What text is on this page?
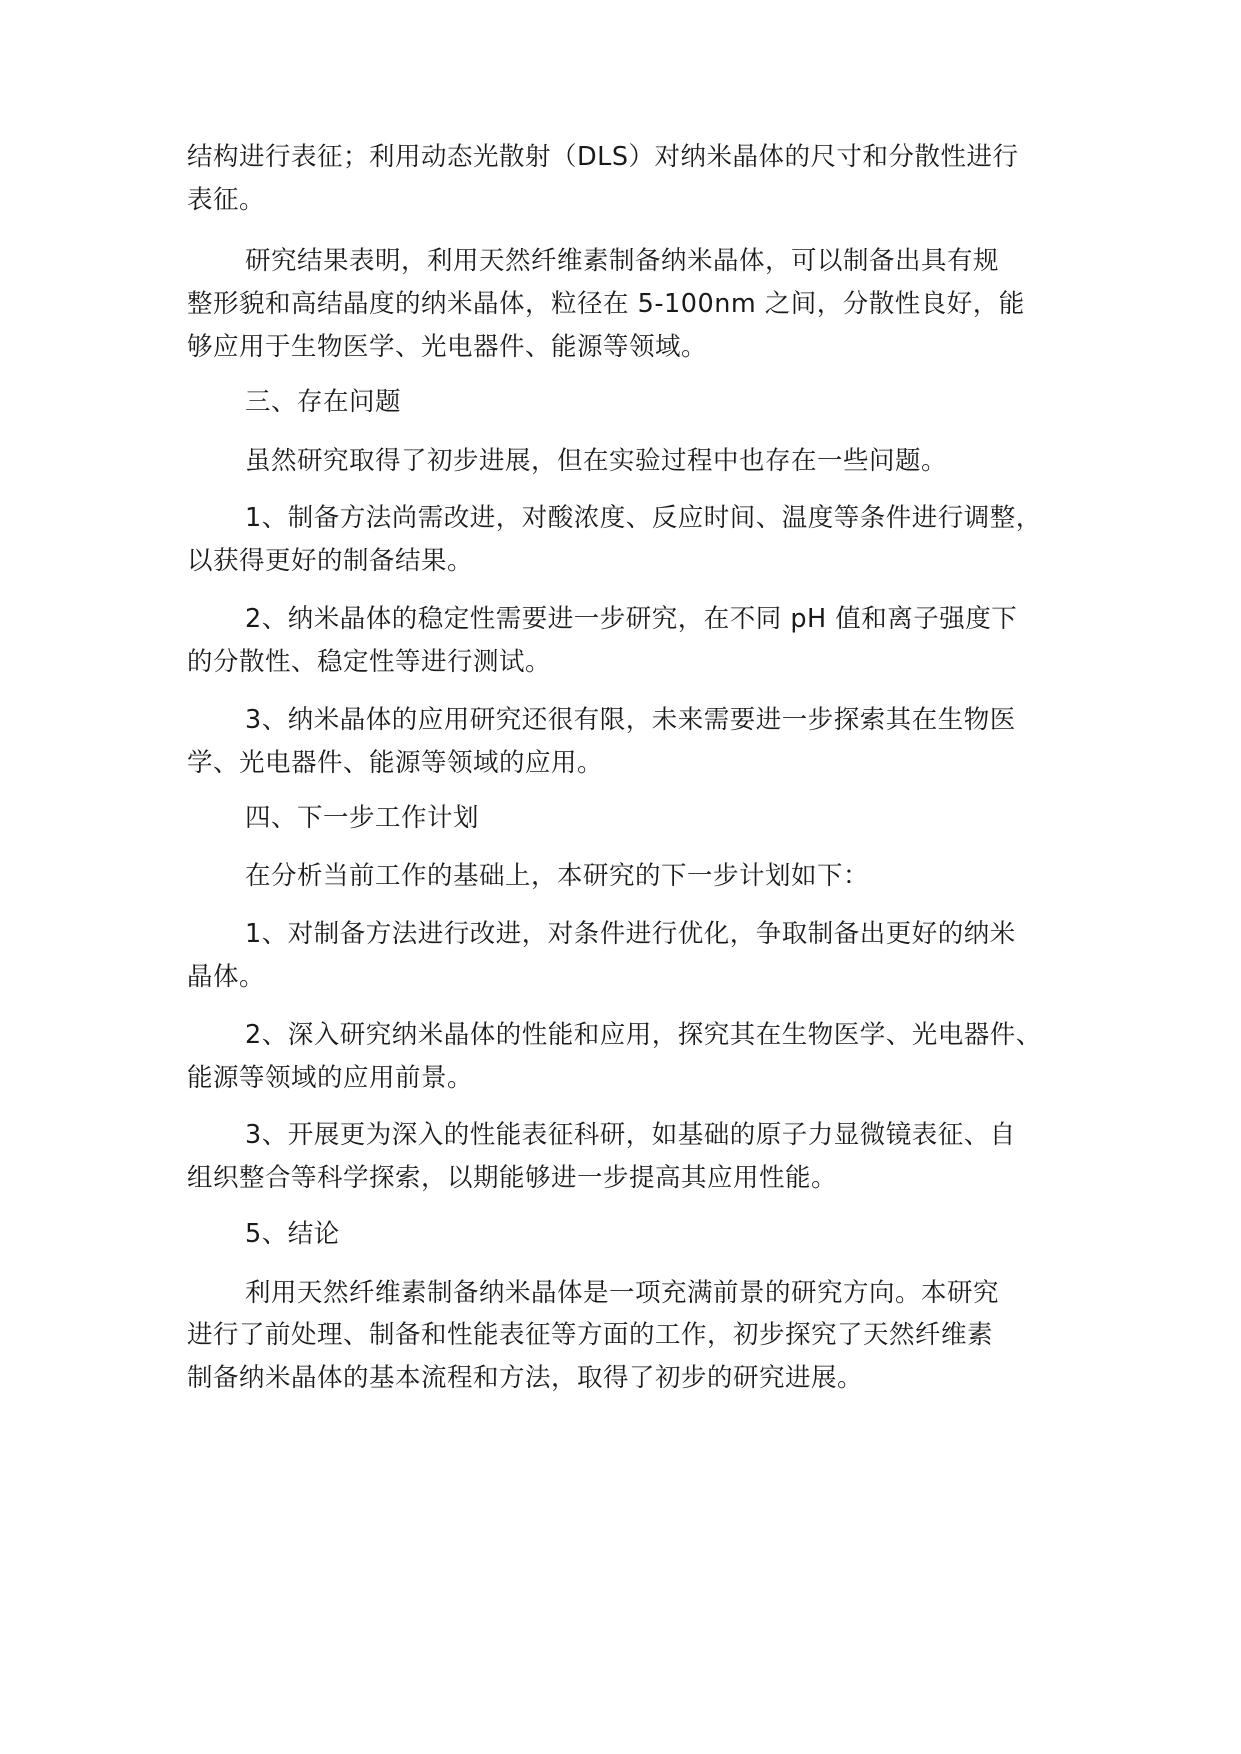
结构进行表征；利用动态光散射（DLS）对纳米晶体的尺寸和分散性进行
表征。
研究结果表明，利用天然纤维素制备纳米晶体，可以制备出具有规
整形貌和高结晶度的纳米晶体，粒径在 5-100nm 之间，分散性良好，能
够应用于生物医学、光电器件、能源等领域。
三、存在问题
虽然研究取得了初步进展，但在实验过程中也存在一些问题。
1、制备方法尚需改进，对酸浓度、反应时间、温度等条件进行调整，
以获得更好的制备结果。
2、纳米晶体的稳定性需要进一步研究，在不同 pH 值和离子强度下
的分散性、稳定性等进行测试。
3、纳米晶体的应用研究还很有限，未来需要进一步探索其在生物医
学、光电器件、能源等领域的应用。
四、下一步工作计划
在分析当前工作的基础上，本研究的下一步计划如下：
1、对制备方法进行改进，对条件进行优化，争取制备出更好的纳米
晶体。
2、深入研究纳米晶体的性能和应用，探究其在生物医学、光电器件、
能源等领域的应用前景。
3、开展更为深入的性能表征科研，如基础的原子力显微镜表征、自
组织整合等科学探索，以期能够进一步提高其应用性能。
5、结论
利用天然纤维素制备纳米晶体是一项充满前景的研究方向。本研究
进行了前处理、制备和性能表征等方面的工作，初步探究了天然纤维素
制备纳米晶体的基本流程和方法，取得了初步的研究进展。
